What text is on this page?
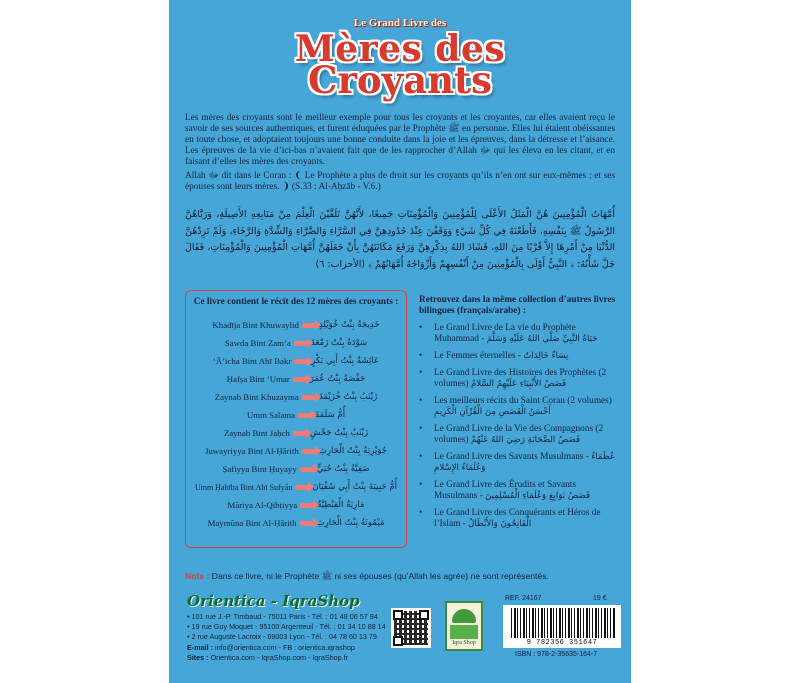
Le Grand Livre des
Mères des
Croyants

Les mères des croyants sont le meilleur exemple pour tous les croyants et les croyantes, car elles avaient reçu le savoir de ses sources authentiques, et furent éduquées par le Prophète ﷺ en personne. Elles lui étaient obéissantes en toute chose, et adoptaient toujours une bonne conduite dans la joie et les épreuves, dans la détresse et l’aisance. Les épreuves de la vie d’ici-bas n’avaient fait que de les rapprocher d’Allah ﷻ qui les éleva en les citant, et en faisant d’elles les mères des croyants.

Allah ﷻ dit dans le Coran : ❨ Le Prophète a plus de droit sur les croyants qu’ils n’en ont sur eux-mêmes ; et ses épouses sont leurs mères. ❩ (S.33 : Al-Aḥzāb - V.6.)

أُمَّهَاتُ الْمُؤْمِنِينَ هُنَّ الْمَثَلُ الأَعْلَى لِلْمُؤْمِنِينَ وَالْمُؤْمِنَاتِ جَمِيعًا، لأَنَّهُنَّ تَلَقَّيْنَ الْعِلْمَ مِنْ مَنَابِعِهِ الأَصِيلَةِ، وَرَبَّاهُنَّ الرَّسُولُ ﷺ بِنَفْسِهِ، فَأَطَعْنَهُ فِي كُلِّ شَيْءٍ وَوَقَفْنَ عِنْدَ حُدُودِهِنَّ فِي السَّرَّاءِ وَالضَّرَّاءِ وَالشِّدَّةِ وَالرَّخَاءِ، وَلَمْ تَزِدْهُنَّ الدُّنْيَا مِنْ أَمْرِهَا إِلاَّ قُرْبًا مِنَ اللهِ، فَشَادَ اللهُ بِذِكْرِهِنَّ وَرَفَعَ مَكَانَتَهُنَّ بِأَنْ جَعَلَهُنَّ أُمَّهَاتِ الْمُؤْمِنِينَ وَالْمُؤْمِنَاتِ، فَقَالَ جَلَّ شَأْنُهُ: ﴿ النَّبِيُّ أَوْلَى بِالْمُؤْمِنِينَ مِنْ أَنْفُسِهِمْ وَأَزْوَاجُهُ أُمَّهَاتُهُمْ ﴾ (الأحزاب: ٦)
Ce livre contient le récit des 12 mères des croyants :
Khadīja Bint Khuwaylid خَدِيجَةُ بِنْتُ خُوَيْلِدٍ
Sawda Bint Zam‘a سَوْدَةُ بِنْتُ زَمْعَةَ
‘Ā’icha Bint Abī Bakr عَائِشَةُ بِنْتُ أَبِي بَكْرٍ
Ḥafṣa Bint ‘Umar حَفْصَةُ بِنْتُ عُمَرَ
Zaynab Bint Khuzayma زَيْنَبُ بِنْتُ خُزَيْمَةَ
Umm Salama أُمُّ سَلَمَةَ
Zaynab Bint Jaḥch زَيْنَبُ بِنْتُ جَحْشٍ
Juwayriyya Bint Al-Ḥārith جُوَيْرِيَةُ بِنْتُ الْحَارِثِ
Ṣafiyya Bint Ḥuyayy صَفِيَّةُ بِنْتُ حُيَيٍّ
Umm Ḥabība Bint Abī Sufyān أُمُّ حَبِيبَةَ بِنْتُ أَبِي سُفْيَانَ
Māriya Al-Qibṭiyya مَارِيَةُ الْقِبْطِيَّةُ
Maymūna Bint Al-Ḥārith مَيْمُونَةُ بِنْتُ الْحَارِثِ
Retrouvez dans la même collection d’autres livres bilingues (français/arabe) :
• Le Grand Livre de La vie du Prophète Muhammad - حَيَاةُ النَّبِيِّ صَلَّى اللهُ عَلَيْهِ وَسَلَّمَ
• Le Femmes éternelles - نِسَاءٌ خَالِدَاتٌ
• Le Grand Livre des Histoires des Prophètes (2 volumes) قَصَصُ الأَنْبِيَاءِ عَلَيْهِمُ السَّلامُ
• Les meilleurs récits du Saint Coran (2 volumes) أَحْسَنُ الْقَصَصِ مِنَ الْقُرْآنِ الْكَرِيمِ
• Le Grand Livre de la Vie des Compagnons (2 volumes) قَصَصُ الصَّحَابَةِ رَضِيَ اللهُ عَنْهُمْ
• Le Grand Livre des Savants Musulmans - عُظَمَاءُ وَعُلَمَاءُ الإِسْلامِ
• Le Grand Livre des Érudits et Savants Musulmans - قَصَصُ نَوَابِغِ وَعُلَمَاءِ الْمُسْلِمِينَ
• Le Grand Livre des Conquérants et Héros de l’Islam - الْفَاتِحُونَ وَالأَبْطَالُ
Note : Dans ce livre, ni le Prophète ﷺ ni ses épouses (qu’Allah les agrée) ne sont représentés.
Orientica - IqraShop
• 101 rue J.-P. Timbaud - 75011 Paris - Tél. : 01 48 06 57 94
• 19 rue Guy Moquet - 95100 Argenteuil - Tél. : 01 34 10 88 14
• 2 rue Auguste Lacroix - 69003 Lyon - Tél. : 04 78 60 13 79
E-mail : info@orientica.com - FB : orientica.iqrashop
Sites : Orientica.com - IqraShop.com - IqraShop.fr
Iqra Shop
REF. 24167	19 €
9 782356 351647
ISBN : 978-2-35635-164-7
